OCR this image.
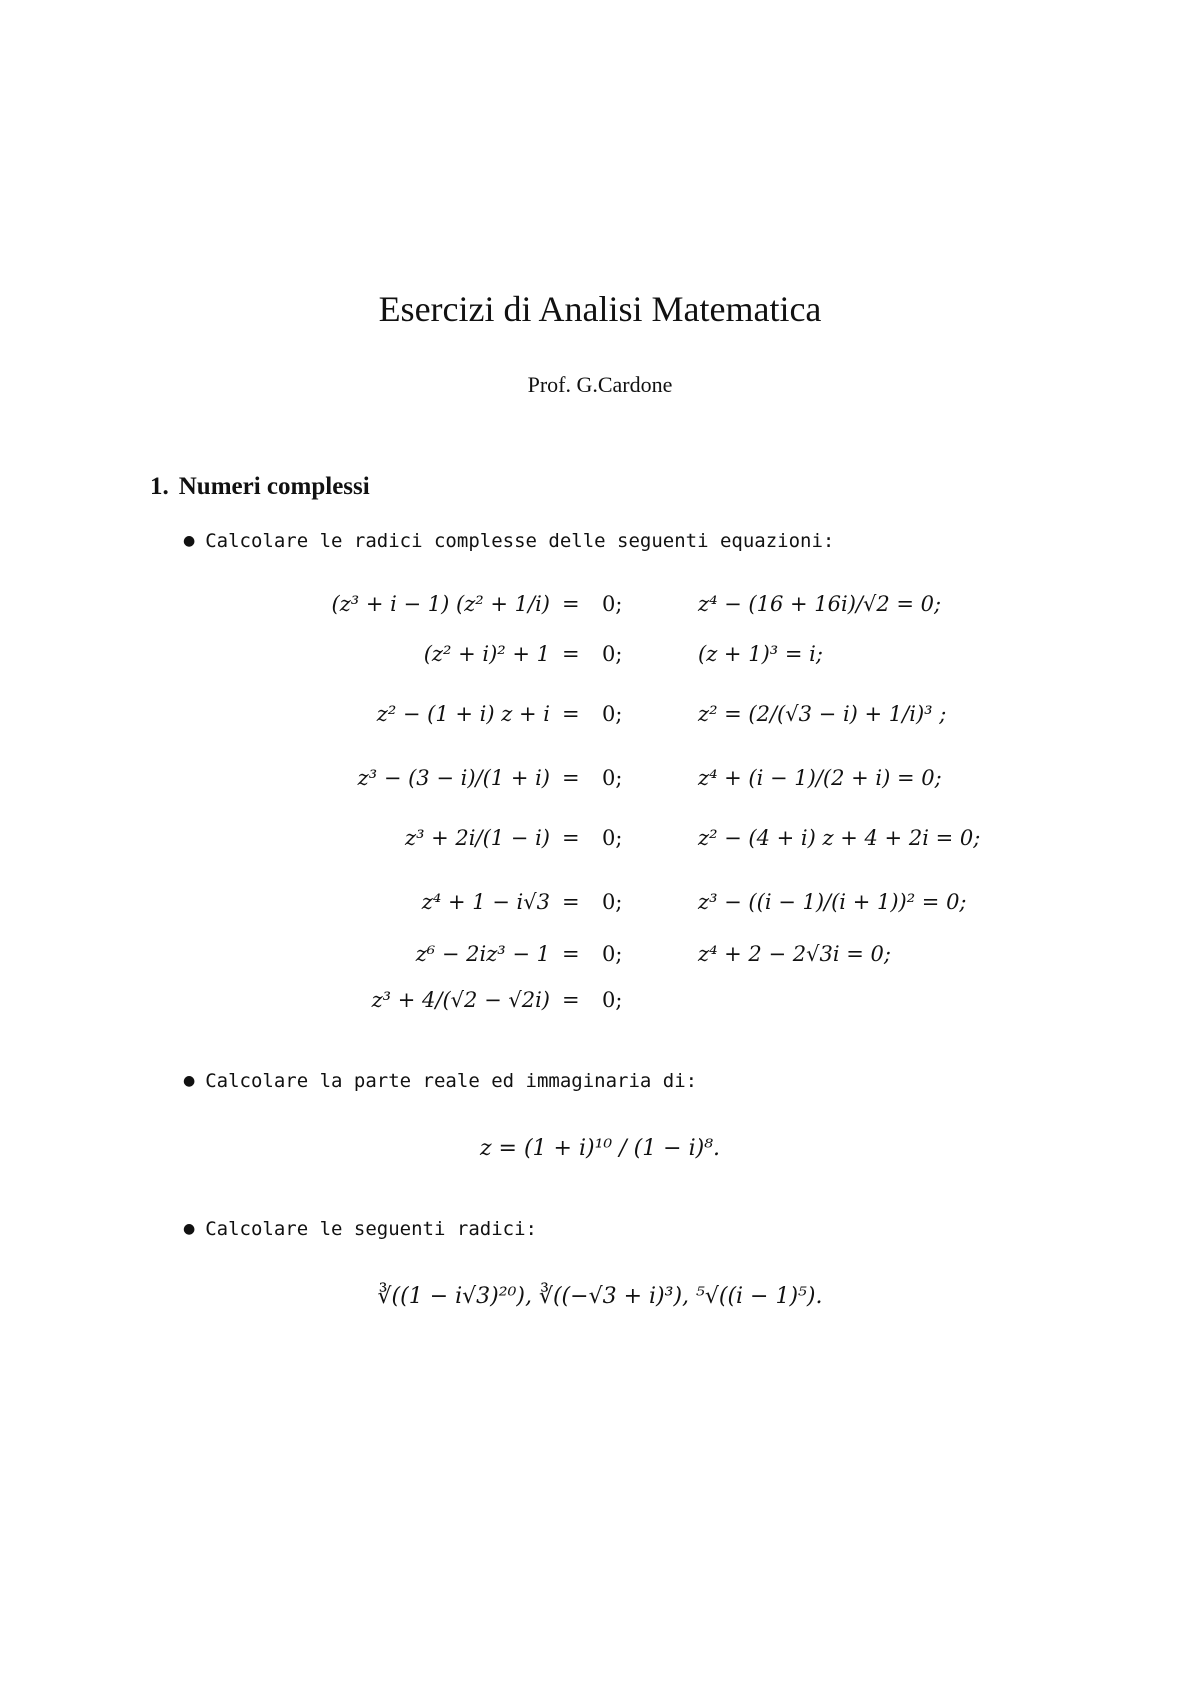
Esercizi di Analisi Matematica
Prof. G.Cardone
1. Numeri complessi
● Calcolare le radici complesse delle seguenti equazioni:
(z³ + i − 1) (z² + 1/i) = 0;	z⁴ − (16 + 16i)/√2 = 0;
(z² + i)² + 1 = 0;	(z + 1)³ = i;
z² − (1 + i) z + i = 0;	z² = (2/(√3 − i) + 1/i)³ ;
z³ − (3 − i)/(1 + i) = 0;	z⁴ + (i − 1)/(2 + i) = 0;
z³ + 2i/(1 − i) = 0;	z² − (4 + i) z + 4 + 2i = 0;
z⁴ + 1 − i√3 = 0;	z³ − ((i − 1)/(i + 1))² = 0;
z⁶ − 2iz³ − 1 = 0;	z⁴ + 2 − 2√3i = 0;
z³ + 4/(√2 − √2i) = 0;
● Calcolare la parte reale ed immaginaria di:
z = (1 + i)¹⁰ / (1 − i)⁸.
● Calcolare le seguenti radici:
∛((1 − i√3)²⁰), ∛((−√3 + i)³), ⁵√((i − 1)⁵).
